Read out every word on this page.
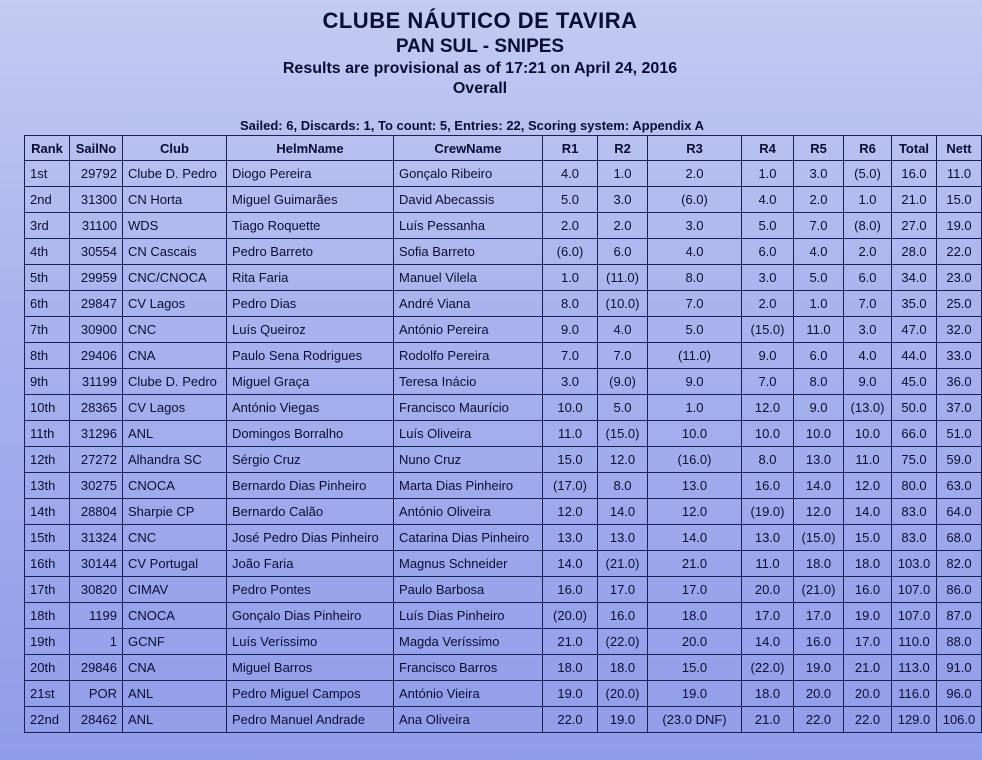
CLUBE NÁUTICO DE TAVIRA
PAN SUL - SNIPES
Results are provisional as of 17:21 on April 24, 2016
Overall
Sailed: 6, Discards: 1, To count: 5, Entries: 22, Scoring system: Appendix A
Rank	SailNo	Club	HelmName	CrewName	R1	R2	R3	R4	R5	R6	Total	Nett
1st	29792	Clube D. Pedro	Diogo Pereira	Gonçalo Ribeiro	4.0	1.0	2.0	1.0	3.0	(5.0)	16.0	11.0
2nd	31300	CN Horta	Miguel Guimarães	David Abecassis	5.0	3.0	(6.0)	4.0	2.0	1.0	21.0	15.0
3rd	31100	WDS	Tiago Roquette	Luís Pessanha	2.0	2.0	3.0	5.0	7.0	(8.0)	27.0	19.0
4th	30554	CN Cascais	Pedro Barreto	Sofia Barreto	(6.0)	6.0	4.0	6.0	4.0	2.0	28.0	22.0
5th	29959	CNC/CNOCA	Rita Faria	Manuel Vilela	1.0	(11.0)	8.0	3.0	5.0	6.0	34.0	23.0
6th	29847	CV Lagos	Pedro Dias	André Viana	8.0	(10.0)	7.0	2.0	1.0	7.0	35.0	25.0
7th	30900	CNC	Luís Queiroz	António Pereira	9.0	4.0	5.0	(15.0)	11.0	3.0	47.0	32.0
8th	29406	CNA	Paulo Sena Rodrigues	Rodolfo Pereira	7.0	7.0	(11.0)	9.0	6.0	4.0	44.0	33.0
9th	31199	Clube D. Pedro	Miguel Graça	Teresa Inácio	3.0	(9.0)	9.0	7.0	8.0	9.0	45.0	36.0
10th	28365	CV Lagos	António Viegas	Francisco Maurício	10.0	5.0	1.0	12.0	9.0	(13.0)	50.0	37.0
11th	31296	ANL	Domingos Borralho	Luís Oliveira	11.0	(15.0)	10.0	10.0	10.0	10.0	66.0	51.0
12th	27272	Alhandra SC	Sérgio Cruz	Nuno Cruz	15.0	12.0	(16.0)	8.0	13.0	11.0	75.0	59.0
13th	30275	CNOCA	Bernardo Dias Pinheiro	Marta Dias Pinheiro	(17.0)	8.0	13.0	16.0	14.0	12.0	80.0	63.0
14th	28804	Sharpie CP	Bernardo Calão	António Oliveira	12.0	14.0	12.0	(19.0)	12.0	14.0	83.0	64.0
15th	31324	CNC	José Pedro Dias Pinheiro	Catarina Dias Pinheiro	13.0	13.0	14.0	13.0	(15.0)	15.0	83.0	68.0
16th	30144	CV Portugal	João Faria	Magnus Schneider	14.0	(21.0)	21.0	11.0	18.0	18.0	103.0	82.0
17th	30820	CIMAV	Pedro Pontes	Paulo Barbosa	16.0	17.0	17.0	20.0	(21.0)	16.0	107.0	86.0
18th	1199	CNOCA	Gonçalo Dias Pinheiro	Luís Dias Pinheiro	(20.0)	16.0	18.0	17.0	17.0	19.0	107.0	87.0
19th	1	GCNF	Luís Veríssimo	Magda Veríssimo	21.0	(22.0)	20.0	14.0	16.0	17.0	110.0	88.0
20th	29846	CNA	Miguel Barros	Francisco Barros	18.0	18.0	15.0	(22.0)	19.0	21.0	113.0	91.0
21st	POR	ANL	Pedro Miguel Campos	António Vieira	19.0	(20.0)	19.0	18.0	20.0	20.0	116.0	96.0
22nd	28462	ANL	Pedro Manuel Andrade	Ana Oliveira	22.0	19.0	(23.0 DNF)	21.0	22.0	22.0	129.0	106.0
